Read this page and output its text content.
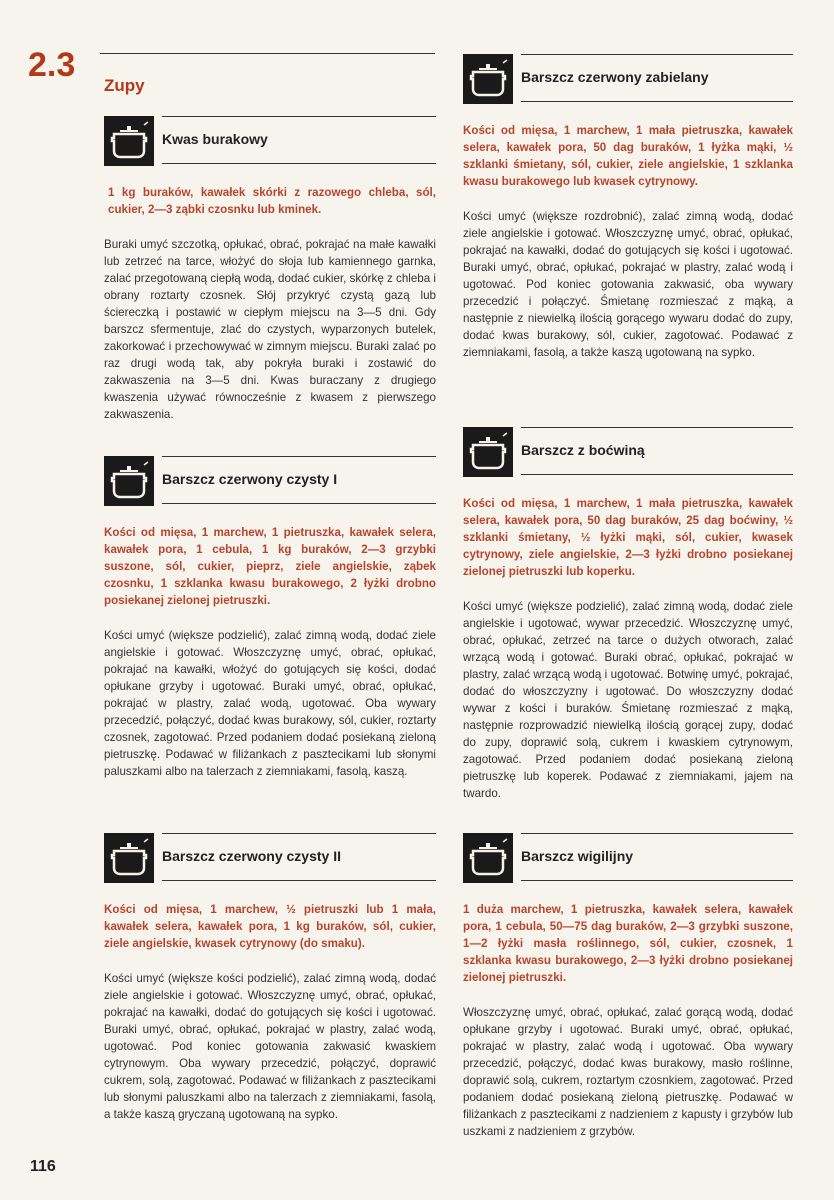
2.3
Zupy
Kwas burakowy

1 kg buraków, kawałek skórki z razowego chleba, sól, cukier, 2—3 ząbki czosnku lub kminek.

Buraki umyć szczotką, opłukać, obrać, pokrajać na małe kawałki lub zetrzeć na tarce, włożyć do słoja lub kamiennego garnka, zalać przegotowaną ciepłą wodą, dodać cukier, skórkę z chleba i obrany roztarty czosnek. Słój przykryć czystą gazą lub ściereczką i postawić w ciepłym miejscu na 3—5 dni. Gdy barszcz sfermentuje, zlać do czystych, wyparzonych butelek, zakorkować i przechowywać w zimnym miejscu. Buraki zalać po raz drugi wodą tak, aby pokryła buraki i zostawić do zakwaszenia na 3—5 dni. Kwas buraczany z drugiego kwaszenia używać równocześnie z kwasem z pierwszego zakwaszenia.

Barszcz czerwony czysty I

Kości od mięsa, 1 marchew, 1 pietruszka, kawałek selera, kawałek pora, 1 cebula, 1 kg buraków, 2—3 grzybki suszone, sól, cukier, pieprz, ziele angielskie, ząbek czosnku, 1 szklanka kwasu burakowego, 2 łyżki drobno posiekanej zielonej pietruszki.

Kości umyć (większe podzielić), zalać zimną wodą, dodać ziele angielskie i gotować. Włoszczyznę umyć, obrać, opłukać, pokrajać na kawałki, włożyć do gotujących się kości, dodać opłukane grzyby i ugotować. Buraki umyć, obrać, opłukać, pokrajać w plastry, zalać wodą, ugotować. Oba wywary przecedzić, połączyć, dodać kwas burakowy, sól, cukier, roztarty czosnek, zagotować. Przed podaniem dodać posiekaną zieloną pietruszkę. Podawać w filiżankach z pasztecikami lub słonymi paluszkami albo na talerzach z ziemniakami, fasolą, kaszą.

Barszcz czerwony czysty II

Kości od mięsa, 1 marchew, ½ pietruszki lub 1 mała, kawałek selera, kawałek pora, 1 kg buraków, sól, cukier, ziele angielskie, kwasek cytrynowy (do smaku).

Kości umyć (większe kości podzielić), zalać zimną wodą, dodać ziele angielskie i gotować. Włoszczyznę umyć, obrać, opłukać, pokrajać na kawałki, dodać do gotujących się kości i ugotować. Buraki umyć, obrać, opłukać, pokrajać w plastry, zalać wodą, ugotować. Pod koniec gotowania zakwasić kwaskiem cytrynowym. Oba wywary przecedzić, połączyć, doprawić cukrem, solą, zagotować. Podawać w filiżankach z pasztecikami lub słonymi paluszkami albo na talerzach z ziemniakami, fasolą, a także kaszą gryczaną ugotowaną na sypko.

Barszcz czerwony zabielany

Kości od mięsa, 1 marchew, 1 mała pietruszka, kawałek selera, kawałek pora, 50 dag buraków, 1 łyżka mąki, ½ szklanki śmietany, sól, cukier, ziele angielskie, 1 szklanka kwasu burakowego lub kwasek cytrynowy.

Kości umyć (większe rozdrobnić), zalać zimną wodą, dodać ziele angielskie i gotować. Włoszczyznę umyć, obrać, opłukać, pokrajać na kawałki, dodać do gotujących się kości i ugotować. Buraki umyć, obrać, opłukać, pokrajać w plastry, zalać wodą i ugotować. Pod koniec gotowania zakwasić, oba wywary przecedzić i połączyć. Śmietanę rozmieszać z mąką, a następnie z niewielką ilością gorącego wywaru dodać do zupy, dodać kwas burakowy, sól, cukier, zagotować. Podawać z ziemniakami, fasolą, a także kaszą ugotowaną na sypko.

Barszcz z boćwiną

Kości od mięsa, 1 marchew, 1 mała pietruszka, kawałek selera, kawałek pora, 50 dag buraków, 25 dag boćwiny, ½ szklanki śmietany, ½ łyżki mąki, sól, cukier, kwasek cytrynowy, ziele angielskie, 2—3 łyżki drobno posiekanej zielonej pietruszki lub koperku.

Kości umyć (większe podzielić), zalać zimną wodą, dodać ziele angielskie i ugotować, wywar przecedzić. Włoszczyznę umyć, obrać, opłukać, zetrzeć na tarce o dużych otworach, zalać wrzącą wodą i gotować. Buraki obrać, opłukać, pokrajać w plastry, zalać wrzącą wodą i ugotować. Botwinę umyć, pokrajać, dodać do włoszczyzny i ugotować. Do włoszczyzny dodać wywar z kości i buraków. Śmietanę rozmieszać z mąką, następnie rozprowadzić niewielką ilością gorącej zupy, dodać do zupy, doprawić solą, cukrem i kwaskiem cytrynowym, zagotować. Przed podaniem dodać posiekaną zieloną pietruszkę lub koperek. Podawać z ziemniakami, jajem na twardo.

Barszcz wigilijny

1 duża marchew, 1 pietruszka, kawałek selera, kawałek pora, 1 cebula, 50—75 dag buraków, 2—3 grzybki suszone, 1—2 łyżki masła roślinnego, sól, cukier, czosnek, 1 szklanka kwasu burakowego, 2—3 łyżki drobno posiekanej zielonej pietruszki.

Włoszczyznę umyć, obrać, opłukać, zalać gorącą wodą, dodać opłukane grzyby i ugotować. Buraki umyć, obrać, opłukać, pokrajać w plastry, zalać wodą i ugotować. Oba wywary przecedzić, połączyć, dodać kwas burakowy, masło roślinne, doprawić solą, cukrem, roztartym czosnkiem, zagotować. Przed podaniem dodać posiekaną zieloną pietruszkę. Podawać w filiżankach z pasztecikami z nadzieniem z kapusty i grzybów lub uszkami z nadzieniem z grzybów.

116
